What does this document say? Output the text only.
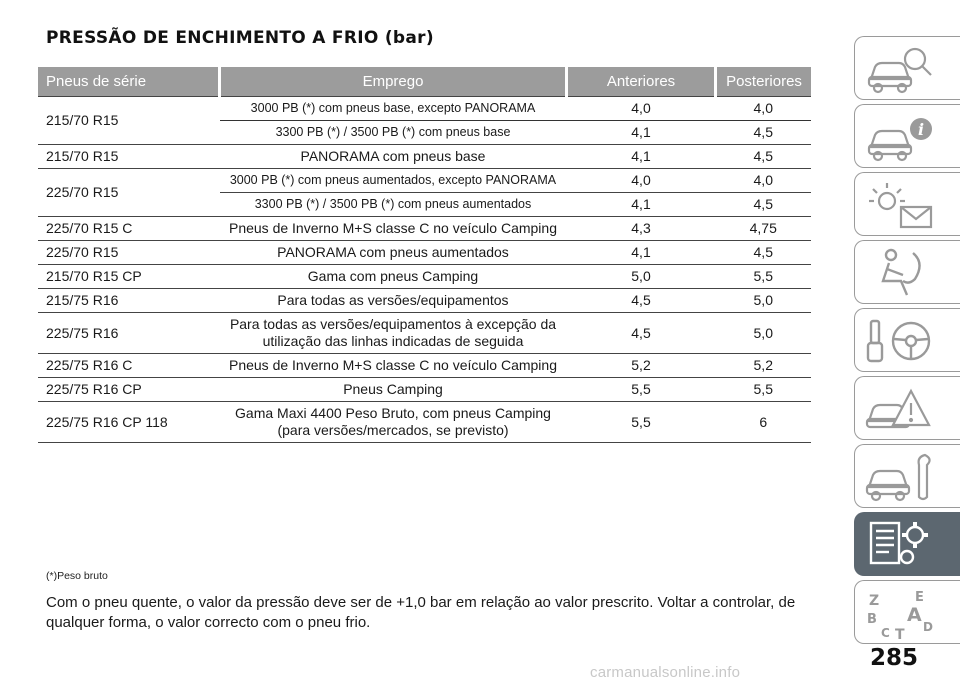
PRESSÃO DE ENCHIMENTO A FRIO (bar)
Pneus de série	Emprego	Anteriores	Posteriores
215/70 R15	3000 PB (*) com pneus base, excepto PANORAMA	4,0	4,0
	3300 PB (*) / 3500 PB (*) com pneus base	4,1	4,5
215/70 R15	PANORAMA com pneus base	4,1	4,5
225/70 R15	3000 PB (*) com pneus aumentados, excepto PANORAMA	4,0	4,0
	3300 PB (*) / 3500 PB (*) com pneus aumentados	4,1	4,5
225/70 R15 C	Pneus de Inverno M+S classe C no veículo Camping	4,3	4,75
225/70 R15	PANORAMA com pneus aumentados	4,1	4,5
215/70 R15 CP	Gama com pneus Camping	5,0	5,5
215/75 R16	Para todas as versões/equipamentos	4,5	5,0
225/75 R16	Para todas as versões/equipamentos à excepção da utilização das linhas indicadas de seguida	4,5	5,0
225/75 R16 C	Pneus de Inverno M+S classe C no veículo Camping	5,2	5,2
225/75 R16 CP	Pneus Camping	5,5	5,5
225/75 R16 CP 118	Gama Maxi 4400 Peso Bruto, com pneus Camping (para versões/mercados, se previsto)	5,5	6
(*)Peso bruto
Com o pneu quente, o valor da pressão deve ser de +1,0 bar em relação ao valor prescrito. Voltar a controlar, de qualquer forma, o valor correcto com o pneu frio.
285
carmanualsonline.info
i
Z	E
B A
C T D
